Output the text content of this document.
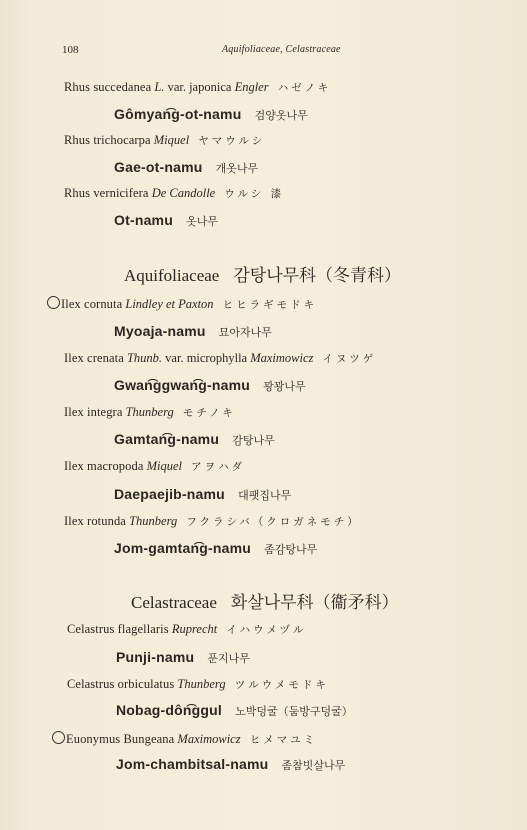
108	Aquifoliaceae, Celastraceae
Rhus succedanea L. var. japonica Engler ハゼノキ
Gômyan͡g-ot-namu 검양옷나무
Rhus trichocarpa Miquel ヤマウルシ
Gae-ot-namu 개옷나무
Rhus vernicifera De Candolle ウルシ 漆
Ot-namu 옷나무
Aquifoliaceae 감탕나무科（冬青科）
Ilex cornuta Lindley et Paxton ヒヒラギモドキ
Myoaja-namu 묘아자나무
Ilex crenata Thunb. var. microphylla Maximowicz イヌツゲ
Gwan͡ggwan͡g-namu 꽝꽝나무
Ilex integra Thunberg モチノキ
Gamtan͡g-namu 감탕나무
Ilex macropoda Miquel アヲハダ
Daepaejib-namu 대팻집나무
Ilex rotunda Thunberg フクラシバ（クロガネモチ）
Jom-gamtan͡g-namu 좀감탕나무
Celastraceae 화살나무科（衞矛科）
Celastrus flagellaris Ruprecht イハウメヅル
Punji-namu 푼지나무
Celastrus orbiculatus Thunberg ツルウメモドキ
Nobag-dôn͡ggul 노박덩굴（둠방구덩굴）
Euonymus Bungeana Maximowicz ヒメマユミ
Jom-chambitsal-namu 좀참빗살나무
